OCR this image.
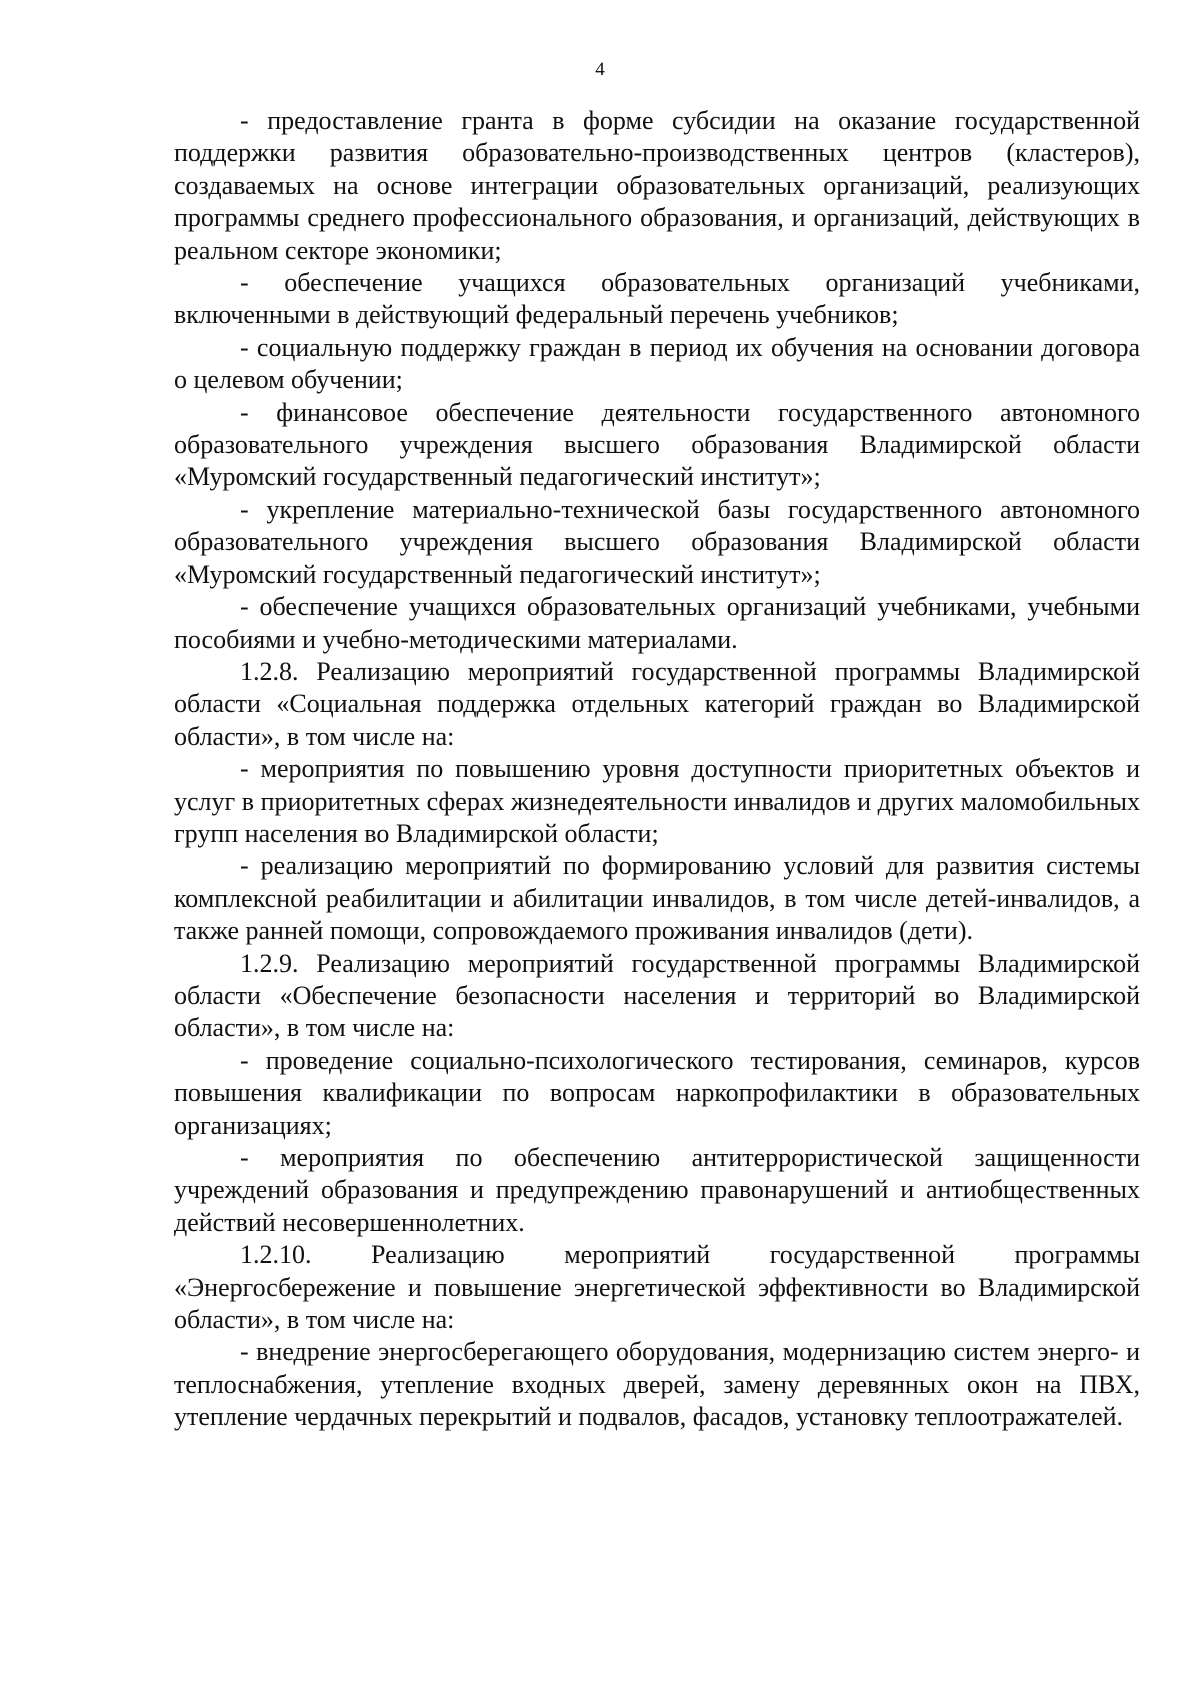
4

- предоставление гранта в форме субсидии на оказание государственной поддержки развития образовательно-производственных центров (кластеров), создаваемых на основе интеграции образовательных организаций, реализующих программы среднего профессионального образования, и организаций, действующих в реальном секторе экономики;

- обеспечение учащихся образовательных организаций учебниками, включенными в действующий федеральный перечень учебников;

- социальную поддержку граждан в период их обучения на основании договора о целевом обучении;

- финансовое обеспечение деятельности государственного автономного образовательного учреждения высшего образования Владимирской области «Муромский государственный педагогический институт»;

- укрепление материально-технической базы государственного автономного образовательного учреждения высшего образования Владимирской области «Муромский государственный педагогический институт»;

- обеспечение учащихся образовательных организаций учебниками, учебными пособиями и учебно-методическими материалами.

1.2.8. Реализацию мероприятий государственной программы Владимирской области «Социальная поддержка отдельных категорий граждан во Владимирской области», в том числе на:

- мероприятия по повышению уровня доступности приоритетных объектов и услуг в приоритетных сферах жизнедеятельности инвалидов и других маломобильных групп населения во Владимирской области;

- реализацию мероприятий по формированию условий для развития системы комплексной реабилитации и абилитации инвалидов, в том числе детей-инвалидов, а также ранней помощи, сопровождаемого проживания инвалидов (дети).

1.2.9. Реализацию мероприятий государственной программы Владимирской области «Обеспечение безопасности населения и территорий во Владимирской области», в том числе на:

- проведение социально-психологического тестирования, семинаров, курсов повышения квалификации по вопросам наркопрофилактики в образовательных организациях;

- мероприятия по обеспечению антитеррористической защищенности учреждений образования и предупреждению правонарушений и антиобщественных действий несовершеннолетних.

1.2.10. Реализацию мероприятий государственной программы «Энергосбережение и повышение энергетической эффективности во Владимирской области», в том числе на:

- внедрение энергосберегающего оборудования, модернизацию систем энерго- и теплоснабжения, утепление входных дверей, замену деревянных окон на ПВХ, утепление чердачных перекрытий и подвалов, фасадов, установку теплоотражателей.
